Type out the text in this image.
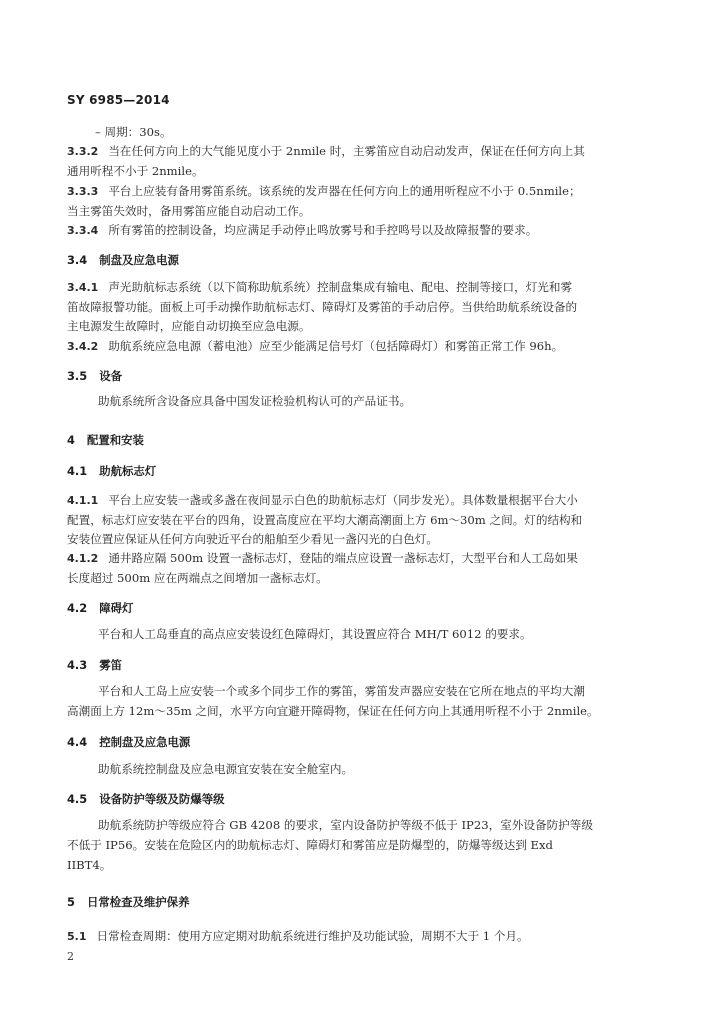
SY 6985—2014
– 周期：30s。
3.3.2 当在任何方向上的大气能见度小于 2nmile 时，主雾笛应自动启动发声，保证在任何方向上其
通用听程不小于 2nmile。
3.3.3 平台上应装有备用雾笛系统。该系统的发声器在任何方向上的通用听程应不小于 0.5nmile；
当主雾笛失效时，备用雾笛应能自动启动工作。
3.3.4 所有雾笛的控制设备，均应满足手动停止鸣放雾号和手控鸣号以及故障报警的要求。
3.4 制盘及应急电源
3.4.1 声光助航标志系统（以下简称助航系统）控制盘集成有输电、配电、控制等接口，灯光和雾
笛故障报警功能。面板上可手动操作助航标志灯、障碍灯及雾笛的手动启停。当供给助航系统设备的
主电源发生故障时，应能自动切换至应急电源。
3.4.2 助航系统应急电源（蓄电池）应至少能满足信号灯（包括障碍灯）和雾笛正常工作 96h。
3.5 设备
助航系统所含设备应具备中国发证检验机构认可的产品证书。
4 配置和安装
4.1 助航标志灯
4.1.1 平台上应安装一盏或多盏在夜间显示白色的助航标志灯（同步发光）。具体数量根据平台大小
配置，标志灯应安装在平台的四角，设置高度应在平均大潮高潮面上方 6m～30m 之间。灯的结构和
安装位置应保证从任何方向驶近平台的船舶至少看见一盏闪光的白色灯。
4.1.2 通井路应隔 500m 设置一盏标志灯，登陆的端点应设置一盏标志灯，大型平台和人工岛如果
长度超过 500m 应在两端点之间增加一盏标志灯。
4.2 障碍灯
平台和人工岛垂直的高点应安装设红色障碍灯，其设置应符合 MH/T 6012 的要求。
4.3 雾笛
平台和人工岛上应安装一个或多个同步工作的雾笛，雾笛发声器应安装在它所在地点的平均大潮
高潮面上方 12m～35m 之间，水平方向宜避开障碍物，保证在任何方向上其通用听程不小于 2nmile。
4.4 控制盘及应急电源
助航系统控制盘及应急电源宜安装在安全舱室内。
4.5 设备防护等级及防爆等级
助航系统防护等级应符合 GB 4208 的要求，室内设备防护等级不低于 IP23，室外设备防护等级
不低于 IP56。安装在危险区内的助航标志灯、障碍灯和雾笛应是防爆型的，防爆等级达到 Exd
IIBT4。
5 日常检查及维护保养
5.1 日常检查周期：使用方应定期对助航系统进行维护及功能试验，周期不大于 1 个月。
2
